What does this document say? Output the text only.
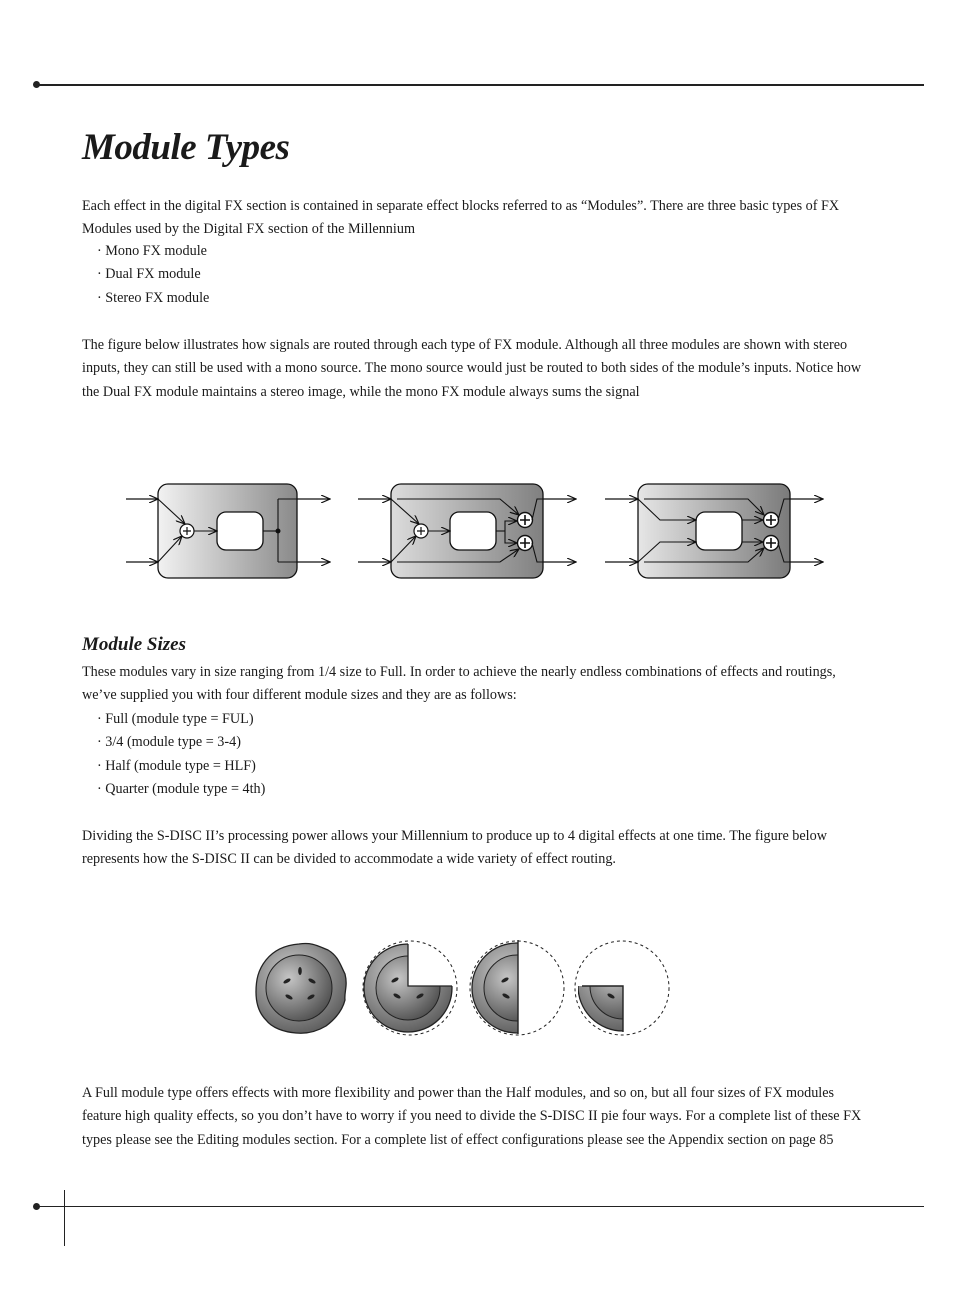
Module Types

Each effect in the digital FX section is contained in separate effect blocks referred to as “Modules”. There are three basic types of FX Modules used by the Digital FX section of the Millennium

· Mono FX module
· Dual FX module
· Stereo FX module

The figure below illustrates how signals are routed through each type of FX module. Although all three modules are shown with stereo inputs, they can still be used with a mono source. The mono source would just be routed to both sides of the module’s inputs. Notice how the Dual FX module maintains a stereo image, while the mono FX module always sums the signal

Module Sizes

These modules vary in size ranging from 1/4 size to Full. In order to achieve the nearly endless combinations of effects and routings, we’ve supplied you with four different module sizes and they are as follows:

· Full (module type = FUL)
· 3/4 (module type = 3-4)
· Half (module type = HLF)
· Quarter (module type = 4th)

Dividing the S-DISC II’s processing power allows your Millennium to produce up to 4 digital effects at one time. The figure below represents how the S-DISC II can be divided to accommodate a wide variety of effect routing.

A Full module type offers effects with more flexibility and power than the Half modules, and so on, but all four sizes of FX modules feature high quality effects, so you don’t have to worry if you need to divide the S-DISC II pie four ways. For a complete list of these FX types please see the Editing modules section. For a complete list of effect configurations please see the Appendix section on page 85
